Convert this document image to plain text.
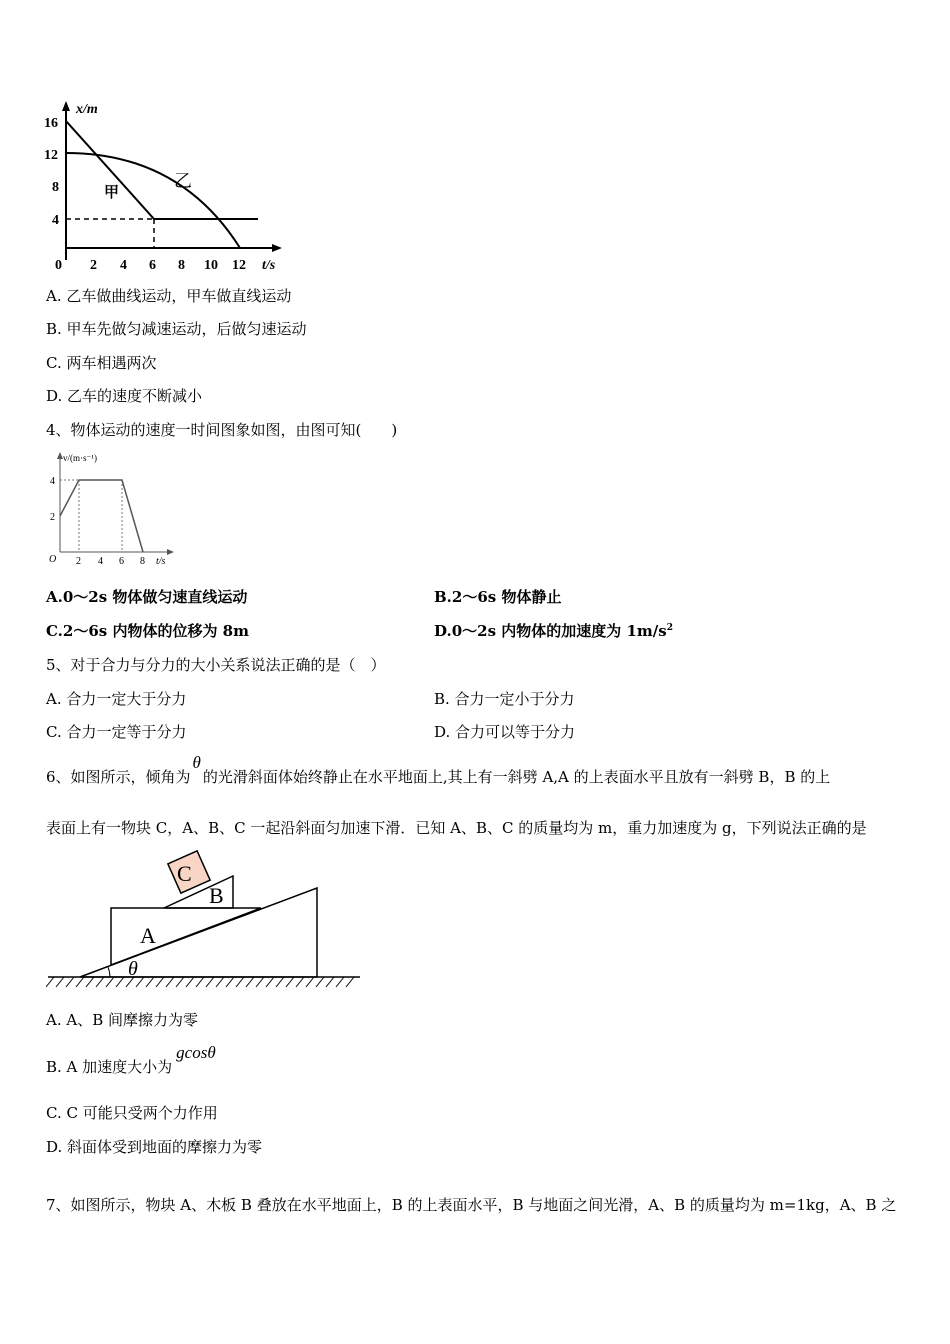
x/m
t/s
16
12
8
4
0 2 4 6 8 10 12
甲
乙
A. 乙车做曲线运动，甲车做直线运动
B. 甲车先做匀减速运动，后做匀速运动
C. 两车相遇两次
D. 乙车的速度不断减小
4、物体运动的速度一时间图象如图，由图可知(　　)
v/(m·s⁻¹)
t/s
O
4
2
2 4 6 8
A.0～2s 物体做匀速直线运动	B.2～6s 物体静止
C.2～6s 内物体的位移为 8m	D.0～2s 内物体的加速度为 $1m/s^2$
5、对于合力与分力的大小关系说法正确的是（　）
A. 合力一定大于分力	B. 合力一定小于分力
C. 合力一定等于分力	D. 合力可以等于分力
6、如图所示，倾角为θ的光滑斜面体始终静止在水平地面上,其上有一斜劈 A,A 的上表面水平且放有一斜劈 B，B 的上
表面上有一物块 C，A、B、C 一起沿斜面匀加速下滑．已知 A、B、C 的质量均为 m，重力加速度为 g，下列说法正确的是
C
B
A
θ
A. A、B 间摩擦力为零
B. A 加速度大小为gcosθ
C. C 可能只受两个力作用
D. 斜面体受到地面的摩擦力为零
7、如图所示，物块 A、木板 B 叠放在水平地面上，B 的上表面水平，B 与地面之间光滑，A、B 的质量均为 m=1kg，A、B 之
